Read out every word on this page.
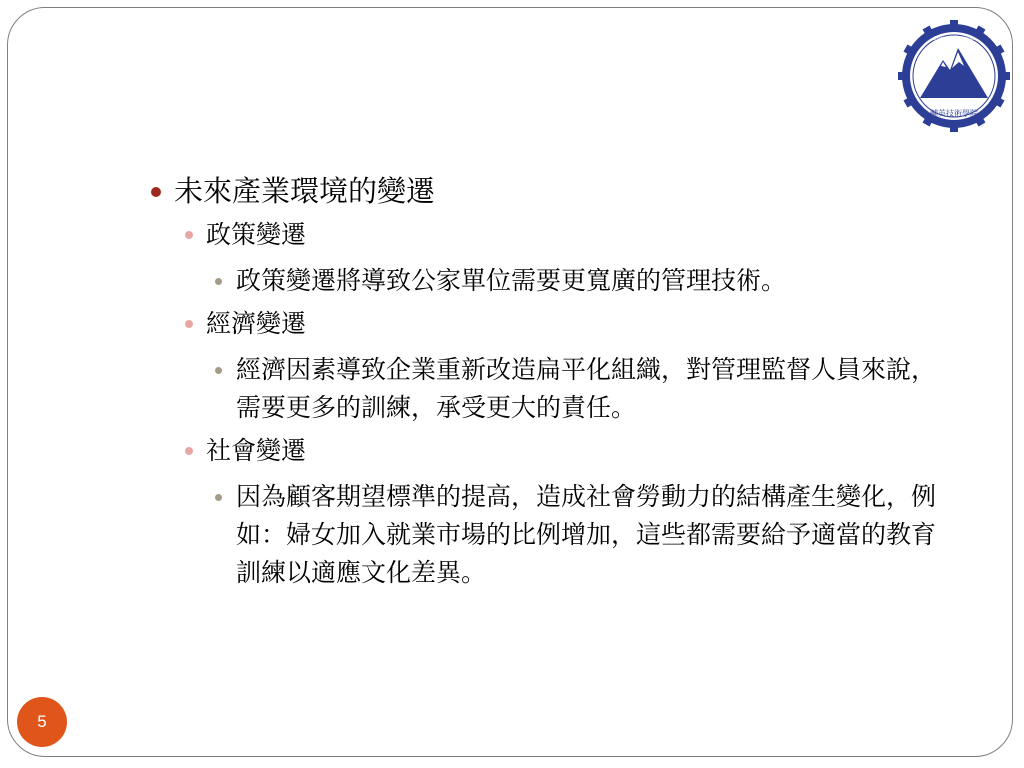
Fortune Institute
輔英技術學院
未來產業環境的變遷
政策變遷
政策變遷將導致公家單位需要更寬廣的管理技術。
經濟變遷
經濟因素導致企業重新改造扁平化組織，對管理監督人員來說，需要更多的訓練，承受更大的責任。
社會變遷
因為顧客期望標準的提高，造成社會勞動力的結構產生變化，例如：婦女加入就業市場的比例增加，這些都需要給予適當的教育訓練以適應文化差異。
5
